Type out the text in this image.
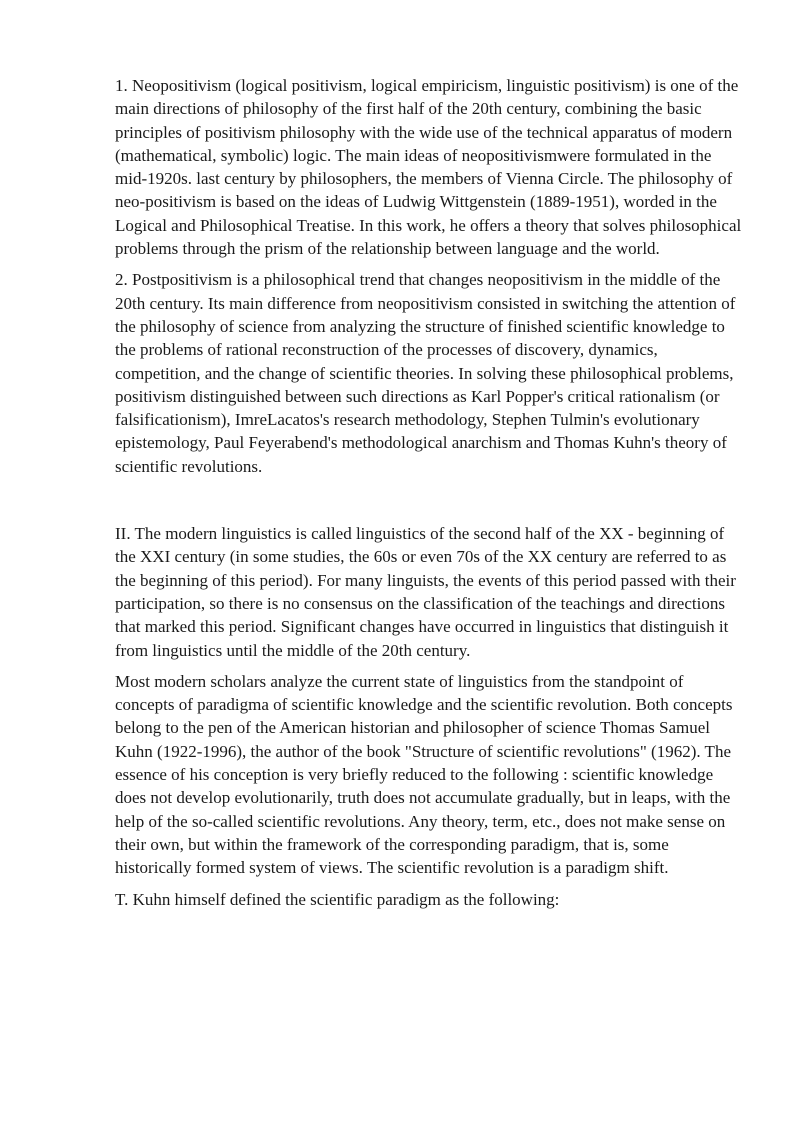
1. Neopositivism (logical positivism, logical empiricism, linguistic positivism) is one of the main directions of philosophy of the first half of the 20th century, combining the basic principles of positivism philosophy with the wide use of the technical apparatus of modern (mathematical, symbolic) logic. The main ideas of neopositivismwere formulated in the mid-1920s. last century by philosophers, the members of Vienna Circle. The philosophy of neo-positivism is based on the ideas of Ludwig Wittgenstein (1889-1951), worded in the Logical and Philosophical Treatise. In this work, he offers a theory that solves philosophical problems through the prism of the relationship between language and the world.

2. Postpositivism is a philosophical trend that changes neopositivism in the middle of the 20th century. Its main difference from neopositivism consisted in switching the attention of the philosophy of science from analyzing the structure of finished scientific knowledge to the problems of rational reconstruction of the processes of discovery, dynamics, competition, and the change of scientific theories. In solving these philosophical problems, positivism distinguished between such directions as Karl Popper's critical rationalism (or falsificationism), ImreLacatos's research methodology, Stephen Tulmin's evolutionary epistemology, Paul Feyerabend's methodological anarchism and Thomas Kuhn's theory of scientific revolutions.

II. The modern linguistics is called linguistics of the second half of the XX - beginning of the XXI century (in some studies, the 60s or even 70s of the XX century are referred to as the beginning of this period). For many linguists, the events of this period passed with their participation, so there is no consensus on the classification of the teachings and directions that marked this period. Significant changes have occurred in linguistics that distinguish it from linguistics until the middle of the 20th century.

Most modern scholars analyze the current state of linguistics from the standpoint of concepts of paradigma of scientific knowledge and the scientific revolution. Both concepts belong to the pen of the American historian and philosopher of science Thomas Samuel Kuhn (1922-1996), the author of the book "Structure of scientific revolutions" (1962). The essence of his conception is very briefly reduced to the following : scientific knowledge does not develop evolutionarily, truth does not accumulate gradually, but in leaps, with the help of the so-called scientific revolutions. Any theory, term, etc., does not make sense on their own, but within the framework of the corresponding paradigm, that is, some historically formed system of views. The scientific revolution is a paradigm shift.

T. Kuhn himself defined the scientific paradigm as the following:
